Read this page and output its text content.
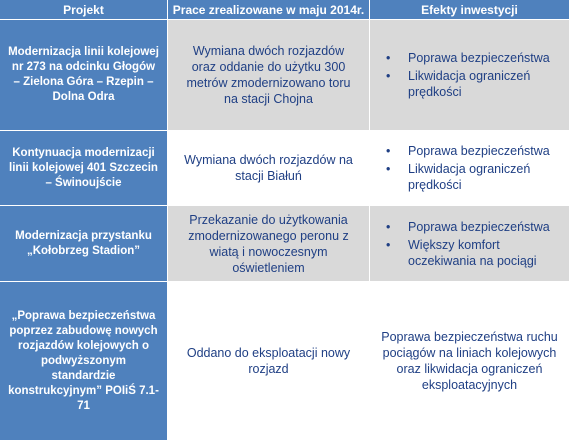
Projekt	Prace zrealizowane w maju 2014r.	Efekty inwestycji
Modernizacja linii kolejowej nr 273 na odcinku Głogów – Zielona Góra – Rzepin – Dolna Odra
Wymiana dwóch rozjazdów oraz oddanie do użytku 300 metrów zmodernizowano toru na stacji Chojna
• Poprawa bezpieczeństwa
• Likwidacja ograniczeń prędkości
Kontynuacja modernizacji linii kolejowej 401 Szczecin – Świnoujście
Wymiana dwóch rozjazdów na stacji Białuń
• Poprawa bezpieczeństwa
• Likwidacja ograniczeń prędkości
Modernizacja przystanku „Kołobrzeg Stadion”
Przekazanie do użytkowania zmodernizowanego peronu z wiatą i nowoczesnym oświetleniem
• Poprawa bezpieczeństwa
• Większy komfort oczekiwania na pociągi
„Poprawa bezpieczeństwa poprzez zabudowę nowych rozjazdów kolejowych o podwyższonym standardzie konstrukcyjnym” POIiŚ 7.1-71
Oddano do eksploatacji nowy rozjazd
Poprawa bezpieczeństwa ruchu pociągów na liniach kolejowych oraz likwidacja ograniczeń eksploatacyjnych
